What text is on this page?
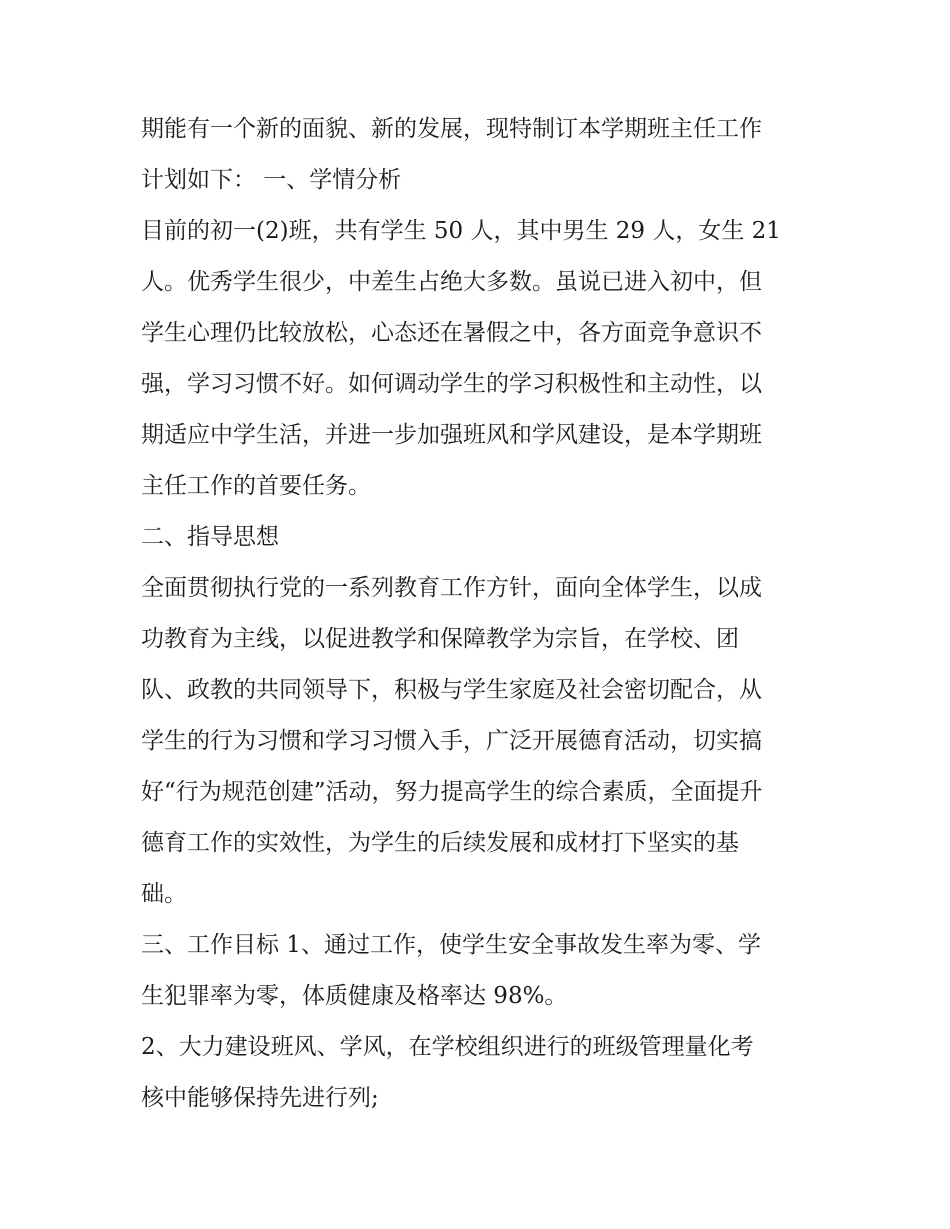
期能有一个新的面貌、新的发展，现特制订本学期班主任工作
计划如下： 一、学情分析
目前的初一(2)班，共有学生 50 人，其中男生 29 人，女生 21
人。优秀学生很少，中差生占绝大多数。虽说已进入初中，但
学生心理仍比较放松，心态还在暑假之中，各方面竞争意识不
强，学习习惯不好。如何调动学生的学习积极性和主动性，以
期适应中学生活，并进一步加强班风和学风建设，是本学期班
主任工作的首要任务。
二、指导思想
全面贯彻执行党的一系列教育工作方针，面向全体学生，以成
功教育为主线，以促进教学和保障教学为宗旨，在学校、团
队、政教的共同领导下，积极与学生家庭及社会密切配合，从
学生的行为习惯和学习习惯入手，广泛开展德育活动，切实搞
好“行为规范创建”活动，努力提高学生的综合素质，全面提升
德育工作的实效性，为学生的后续发展和成材打下坚实的基
础。
三、工作目标 1、通过工作，使学生安全事故发生率为零、学
生犯罪率为零，体质健康及格率达 98%。
2、大力建设班风、学风，在学校组织进行的班级管理量化考
核中能够保持先进行列;
